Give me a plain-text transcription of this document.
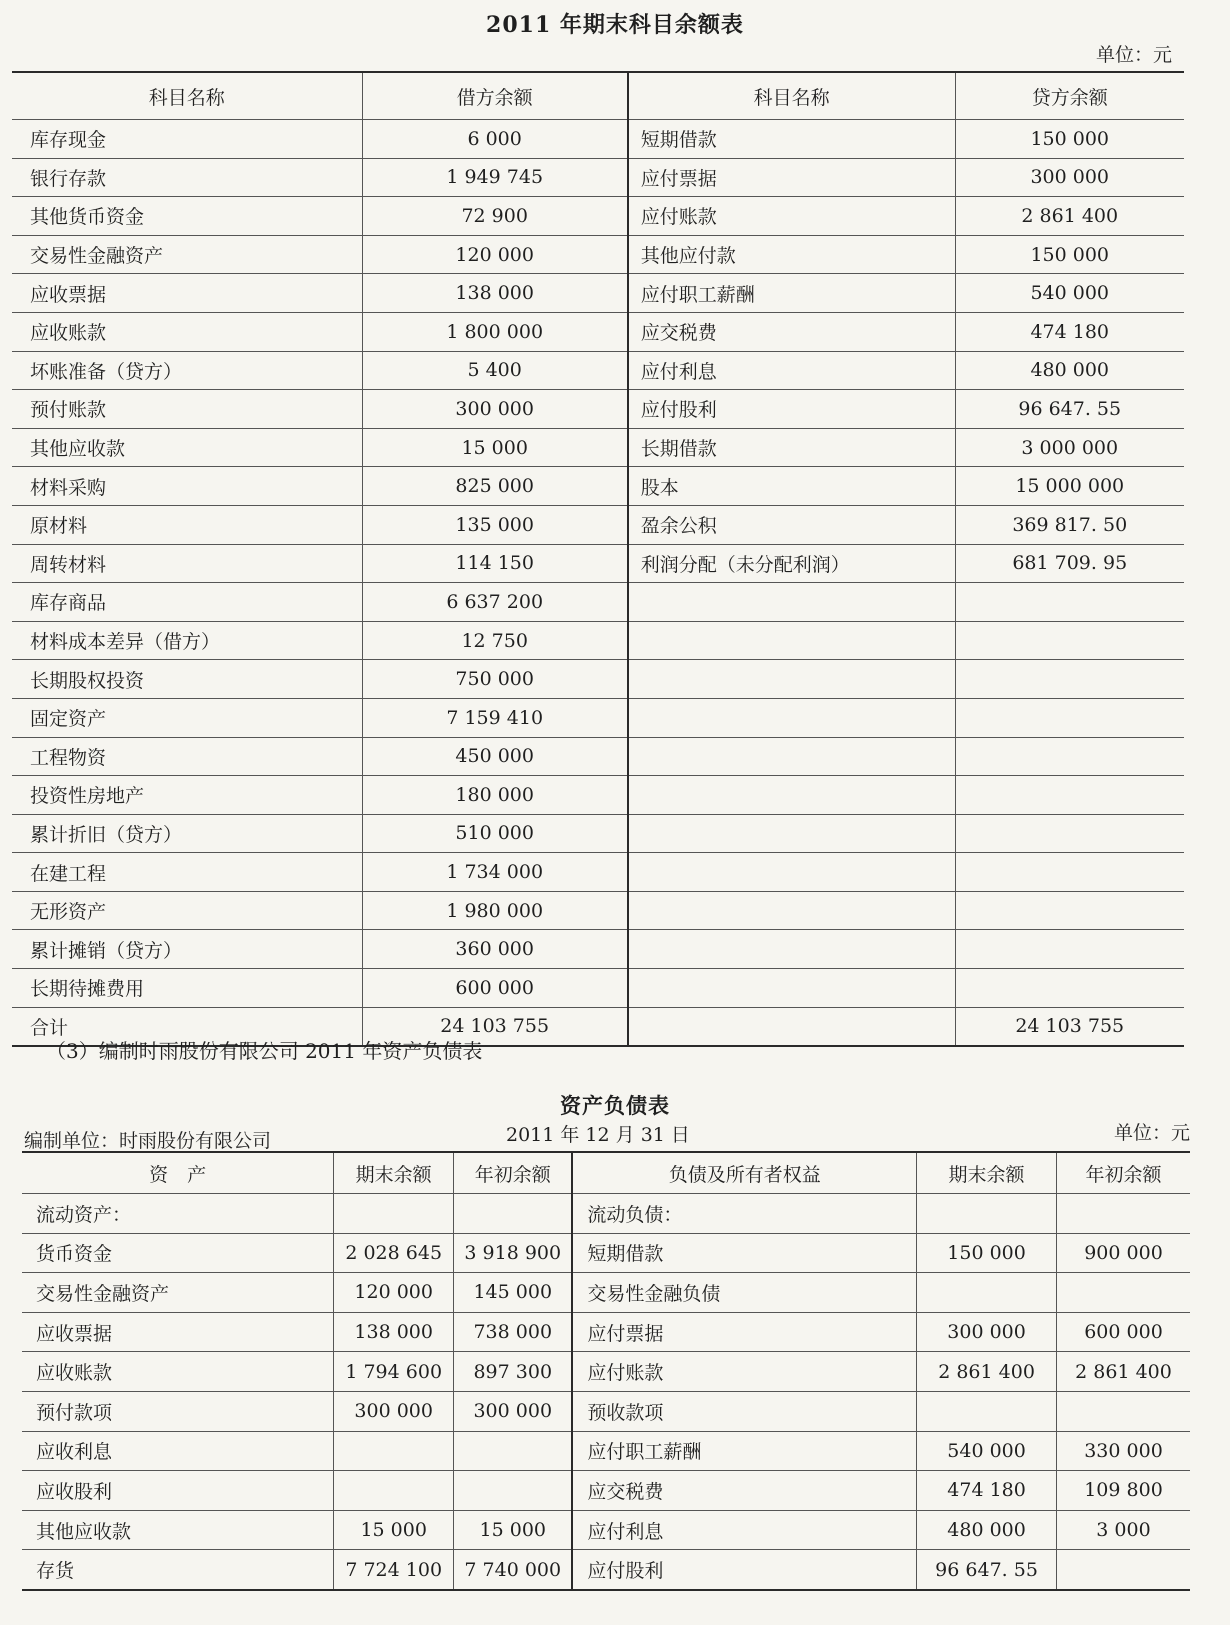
2011 年期末科目余额表
单位：元
科目名称	借方余额	科目名称	贷方余额
库存现金	6 000	短期借款	150 000
银行存款	1 949 745	应付票据	300 000
其他货币资金	72 900	应付账款	2 861 400
交易性金融资产	120 000	其他应付款	150 000
应收票据	138 000	应付职工薪酬	540 000
应收账款	1 800 000	应交税费	474 180
坏账准备（贷方）	5 400	应付利息	480 000
预付账款	300 000	应付股利	96 647. 55
其他应收款	15 000	长期借款	3 000 000
材料采购	825 000	股本	15 000 000
原材料	135 000	盈余公积	369 817. 50
周转材料	114 150	利润分配（未分配利润）	681 709. 95
库存商品	6 637 200		
材料成本差异（借方）	12 750		
长期股权投资	750 000		
固定资产	7 159 410		
工程物资	450 000		
投资性房地产	180 000		
累计折旧（贷方）	510 000		
在建工程	1 734 000		
无形资产	1 980 000		
累计摊销（贷方）	360 000		
长期待摊费用	600 000		
合计	24 103 755		24 103 755
（3）编制时雨股份有限公司 2011 年资产负债表
资产负债表
编制单位：时雨股份有限公司	2011 年 12 月 31 日	单位：元
资　产	期末余额	年初余额	负债及所有者权益	期末余额	年初余额
流动资产：			流动负债：		
货币资金	2 028 645	3 918 900	短期借款	150 000	900 000
交易性金融资产	120 000	145 000	交易性金融负债		
应收票据	138 000	738 000	应付票据	300 000	600 000
应收账款	1 794 600	897 300	应付账款	2 861 400	2 861 400
预付款项	300 000	300 000	预收款项		
应收利息			应付职工薪酬	540 000	330 000
应收股利			应交税费	474 180	109 800
其他应收款	15 000	15 000	应付利息	480 000	3 000
存货	7 724 100	7 740 000	应付股利	96 647. 55	
